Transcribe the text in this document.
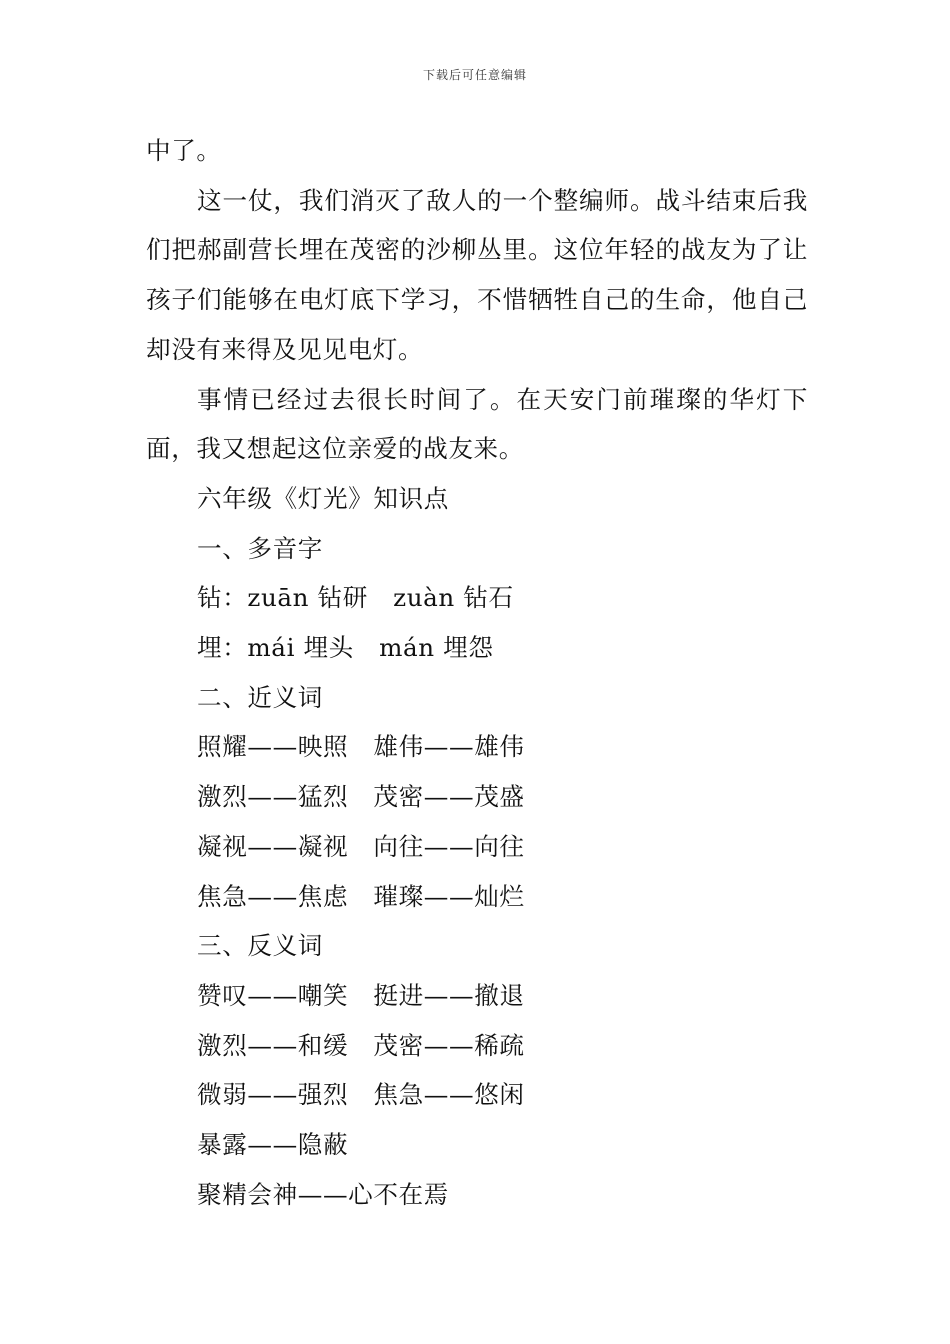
下载后可任意编辑

中了。

这一仗，我们消灭了敌人的一个整编师。战斗结束后我们把郝副营长埋在茂密的沙柳丛里。这位年轻的战友为了让孩子们能够在电灯底下学习，不惜牺牲自己的生命，他自己却没有来得及见见电灯。

事情已经过去很长时间了。在天安门前璀璨的华灯下面，我又想起这位亲爱的战友来。

六年级《灯光》知识点

一、多音字

钻：zuān 钻研   zuàn 钻石

埋：mái 埋头   mán 埋怨

二、近义词

照耀——映照   雄伟——雄伟

激烈——猛烈   茂密——茂盛

凝视——凝视   向往——向往

焦急——焦虑   璀璨——灿烂

三、反义词

赞叹——嘲笑   挺进——撤退

激烈——和缓   茂密——稀疏

微弱——强烈   焦急——悠闲

暴露——隐蔽

聚精会神——心不在焉
